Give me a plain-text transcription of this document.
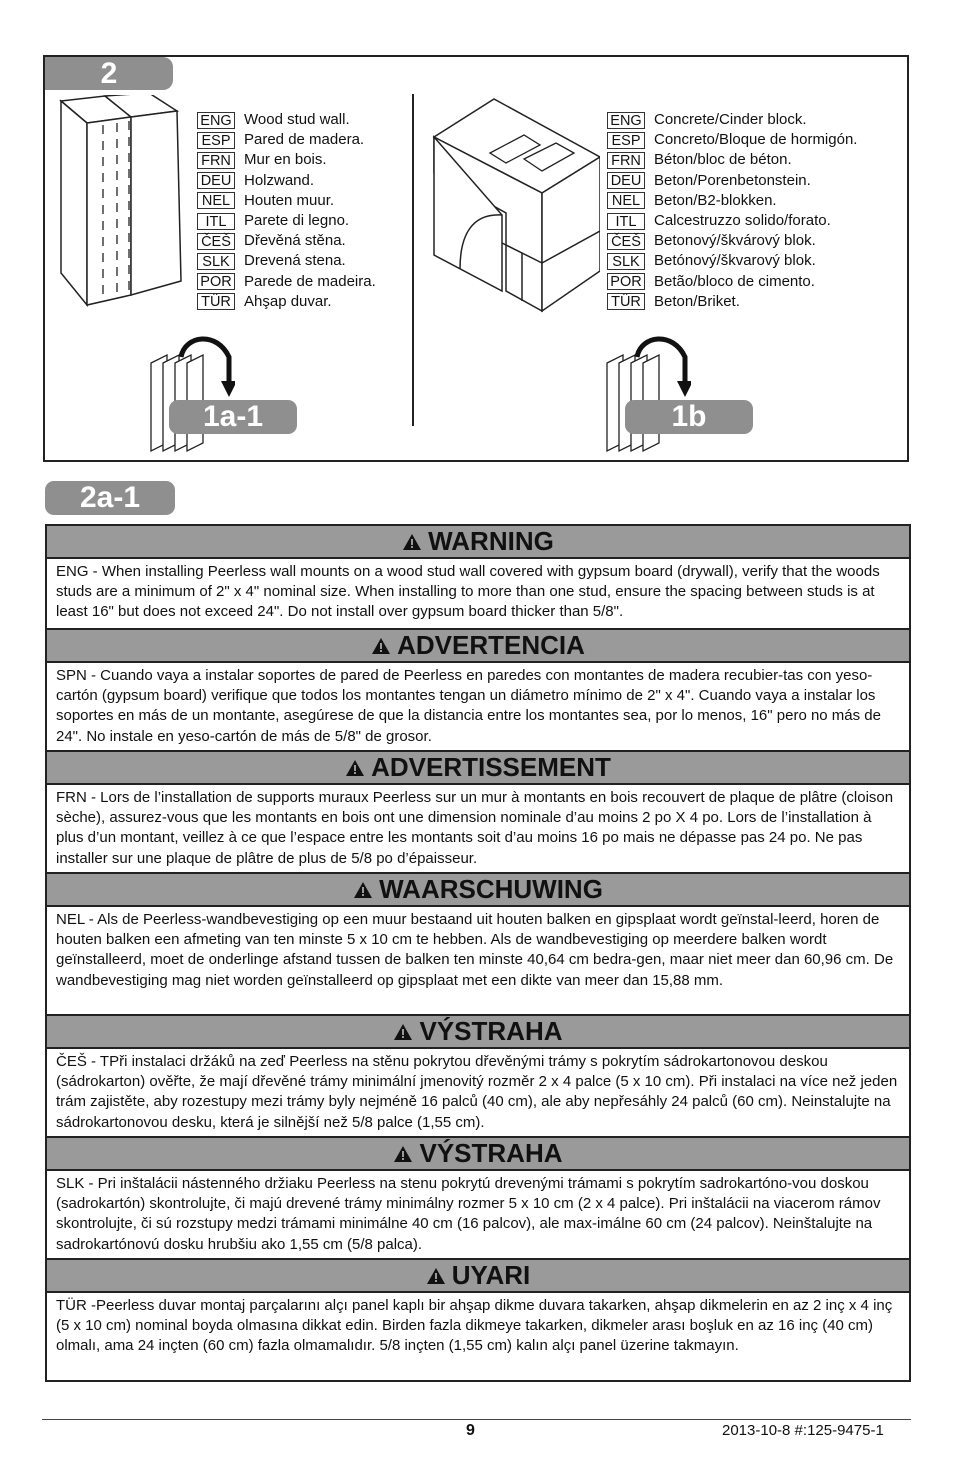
2
1a-1
ENG Wood stud wall.
ESP Pared de madera.
FRN Mur en bois.
DEU Holzwand.
NEL Houten muur.
ITL	Parete di legno.
ČEŠ Dřevěná stěna.
SLK Drevená stena.
POR Parede de madeira.
TÜR Ahşap duvar.
1b
ENG Concrete/Cinder block.
ESP Concreto/Bloque de hormigón.
FRN Béton/bloc de béton.
DEU Beton/Porenbetonstein.
NEL Beton/B2-blokken.
ITL	Calcestruzzo solido/forato.
ČEŠ Betonový/škvárový blok.
SLK Betónový/škvarový blok.
POR Betão/bloco de cimento.
TÜR Beton/Briket.
2a-1
WARNING
ENG - When installing Peerless wall mounts on a wood stud wall covered with gypsum board (drywall), verify that the woods studs are a minimum of 2" x 4" nominal size. When installing to more than one stud, ensure the spacing between studs is at least 16" but does not exceed 24". Do not install over gypsum board thicker than 5/8".
ADVERTENCIA
SPN - Cuando vaya a instalar soportes de pared de Peerless en paredes con montantes de madera recubier-tas con yeso-cartón (gypsum board) verifique que todos los montantes tengan un diámetro mínimo de 2" x 4". Cuando vaya a instalar los soportes en más de un montante, asegúrese de que la distancia entre los montantes sea, por lo menos, 16" pero no más de 24". No instale en yeso-cartón de más de 5/8" de grosor.
ADVERTISSEMENT
FRN - Lors de l’installation de supports muraux Peerless sur un mur à montants en bois recouvert de plaque de plâtre (cloison sèche), assurez-vous que les montants en bois ont une dimension nominale d’au moins 2 po X 4 po. Lors de l’installation à plus d’un montant, veillez à ce que l’espace entre les montants soit d’au moins 16 po mais ne dépasse pas 24 po. Ne pas installer sur une plaque de plâtre de plus de 5/8 po d’épaisseur.
WAARSCHUWING
NEL - Als de Peerless-wandbevestiging op een muur bestaand uit houten balken en gipsplaat wordt geïnstal-leerd, horen de houten balken een afmeting van ten minste 5 x 10 cm te hebben. Als de wandbevestiging op meerdere balken wordt geïnstalleerd, moet de onderlinge afstand tussen de balken ten minste 40,64 cm bedra-gen, maar niet meer dan 60,96 cm. De wandbevestiging mag niet worden geïnstalleerd op gipsplaat met een dikte van meer dan 15,88 mm.
VÝSTRAHA
ČEŠ - TPři instalaci držáků na zeď Peerless na stěnu pokrytou dřevěnými trámy s pokrytím sádrokartonovou deskou (sádrokarton) ověřte, že mají dřevěné trámy minimální jmenovitý rozměr 2 x 4 palce (5 x 10 cm). Při instalaci na více než jeden trám zajistěte, aby rozestupy mezi trámy byly nejméně 16 palců (40 cm), ale aby nepřesáhly 24 palců (60 cm). Neinstalujte na sádrokartonovou desku, která je silnější než 5/8 palce (1,55 cm).
VÝSTRAHA
SLK - Pri inštalácii nástenného držiaku Peerless na stenu pokrytú drevenými trámami s pokrytím sadrokartóno-vou doskou (sadrokartón) skontrolujte, či majú drevené trámy minimálny rozmer 5 x 10 cm (2 x 4 palce). Pri inštalácii na viacerom rámov skontrolujte, či sú rozstupy medzi trámami minimálne 40 cm (16 palcov), ale max-imálne 60 cm (24 palcov). Neinštalujte na sadrokartónovú dosku hrubšiu ako 1,55 cm (5/8 palca).
UYARI
TÜR -Peerless duvar montaj parçalarını alçı panel kaplı bir ahşap dikme duvara takarken, ahşap dikmelerin en az 2 inç x 4 inç (5 x 10 cm) nominal boyda olmasına dikkat edin. Birden fazla dikmeye takarken, dikmeler arası boşluk en az 16 inç (40 cm) olmalı, ama 24 inçten (60 cm) fazla olmamalıdır. 5/8 inçten (1,55 cm) kalın alçı panel üzerine takmayın.
9	2013-10-8 #:125-9475-1
